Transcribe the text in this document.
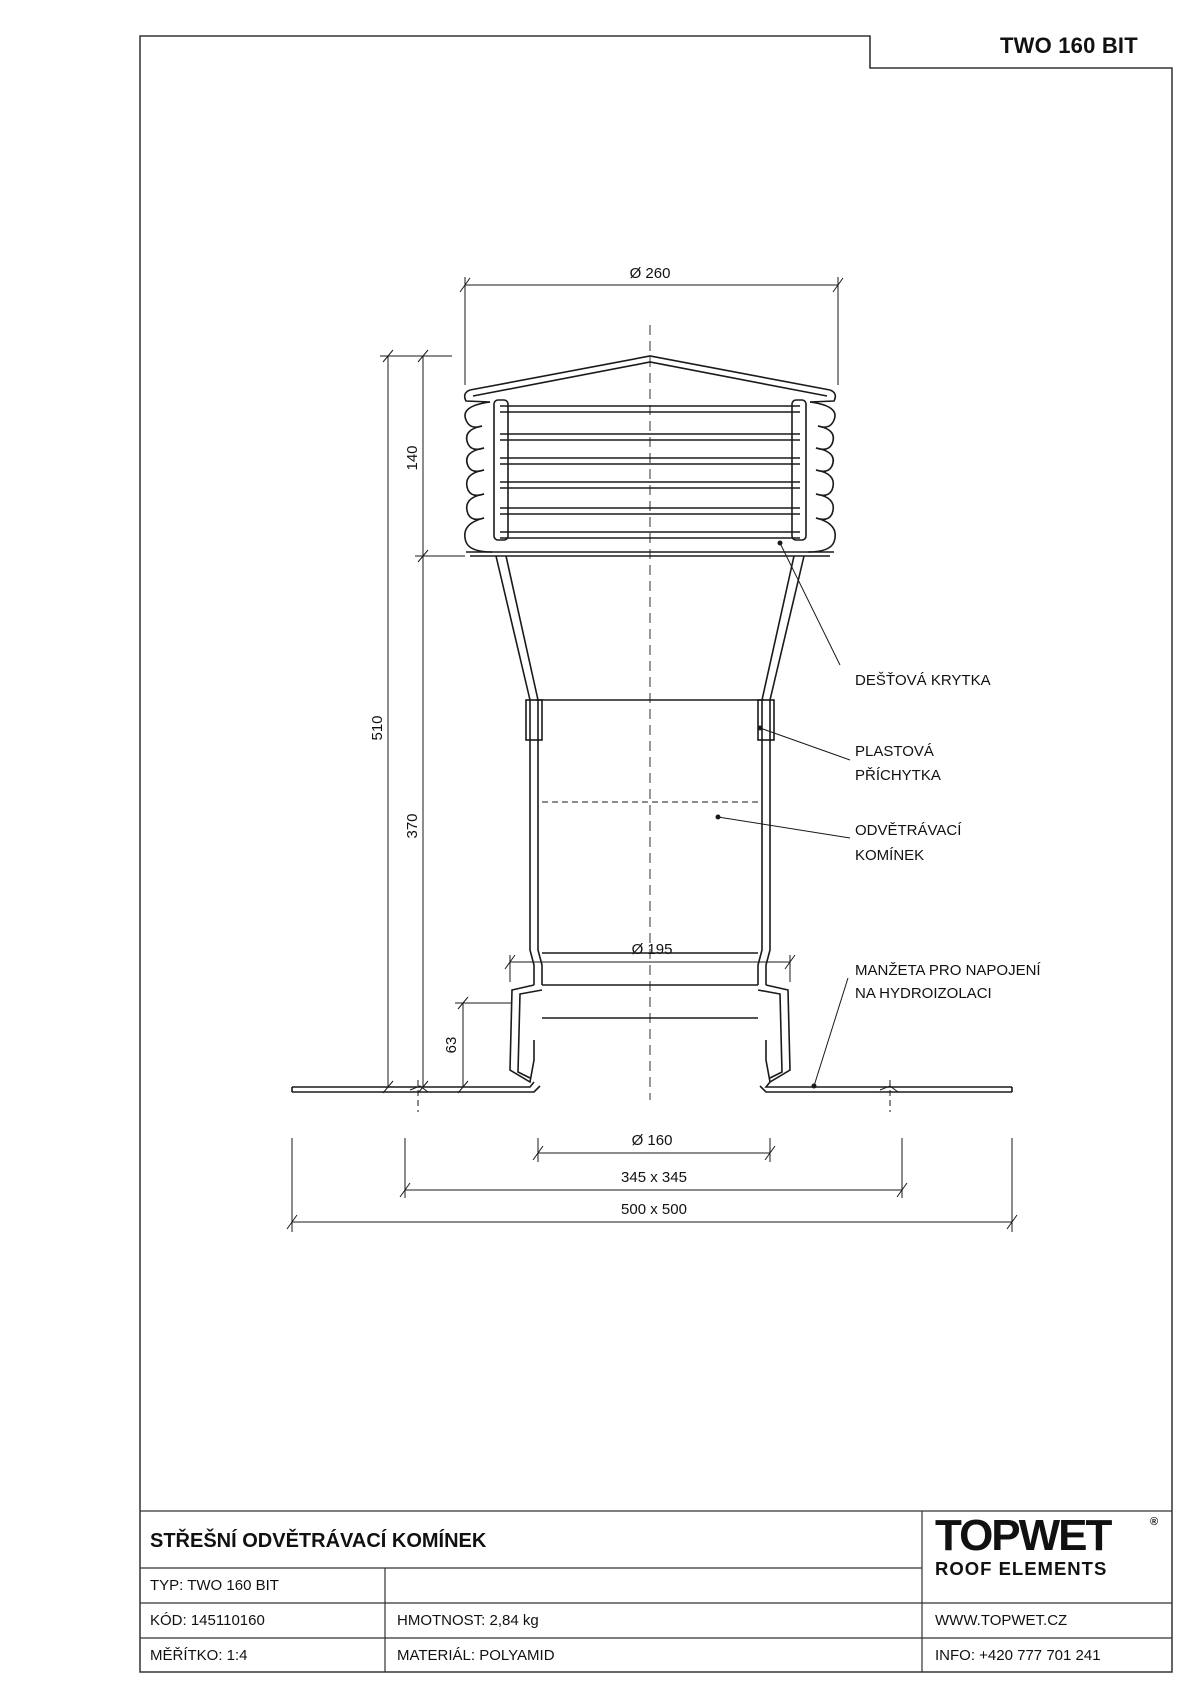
Ø 260
Ø 195
Ø 160
345 x 345
500 x 500
510
140
370
63
DEŠŤOVÁ KRYTKA
PLASTOVÁ
PŘÍCHYTKA
ODVĚTRÁVACÍ
KOMÍNEK
MANŽETA PRO NAPOJENÍ
NA HYDROIZOLACI
TWO 160 BIT
STŘEŠNÍ ODVĚTRÁVACÍ KOMÍNEK
TYP: TWO 160 BIT
KÓD: 145110160	HMOTNOST: 2,84 kg
MĚŘÍTKO: 1:4	MATERIÁL: POLYAMID
WWW.TOPWET.CZ
INFO: +420 777 701 241
TOPWET	®
ROOF ELEMENTS
